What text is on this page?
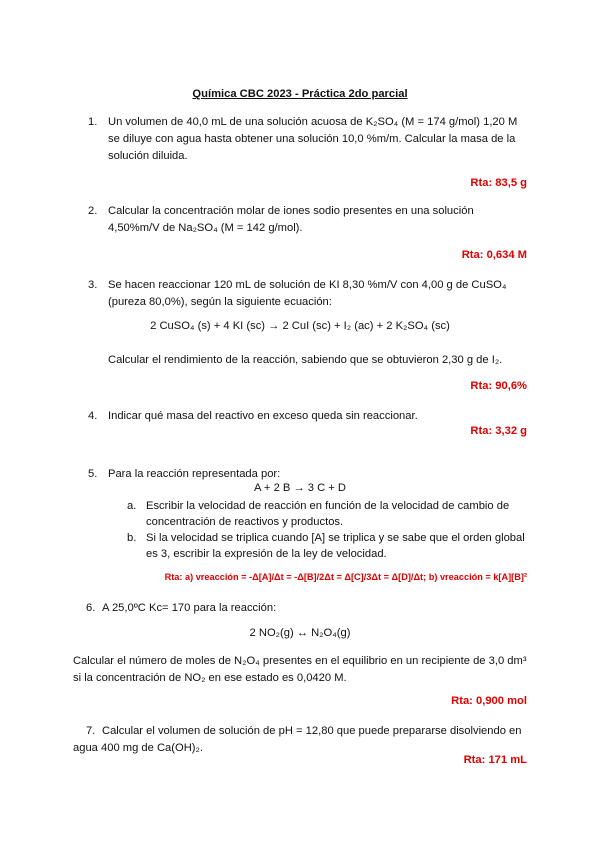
Química CBC 2023 - Práctica 2do parcial
1. Un volumen de 40,0 mL de una solución acuosa de K₂SO₄ (M = 174 g/mol) 1,20 M se diluye con agua hasta obtener una solución 10,0 %m/m. Calcular la masa de la solución diluida.
Rta: 83,5 g
2. Calcular la concentración molar de iones sodio presentes en una solución 4,50%m/V de Na₂SO₄ (M = 142 g/mol).
Rta: 0,634 M
3. Se hacen reaccionar 120 mL de solución de KI 8,30 %m/V con 4,00 g de CuSO₄ (pureza 80,0%), según la siguiente ecuación:
2 CuSO₄ (s) + 4 KI (sc) → 2 CuI (sc) + I₂ (ac) + 2 K₂SO₄ (sc)
Calcular el rendimiento de la reacción, sabiendo que se obtuvieron 2,30 g de I₂.
Rta: 90,6%
4. Indicar qué masa del reactivo en exceso queda sin reaccionar.
Rta: 3,32 g
5. Para la reacción representada por:
A + 2 B → 3 C + D
a. Escribir la velocidad de reacción en función de la velocidad de cambio de concentración de reactivos y productos.
b. Si la velocidad se triplica cuando [A] se triplica y se sabe que el orden global es 3, escribir la expresión de la ley de velocidad.
Rta: a) vreacción = -Δ[A]/Δt = -Δ[B]/2Δt = Δ[C]/3Δt = Δ[D]/Δt; b) vreacción = k[A][B]²
6. A 25,0ºC Kc= 170 para la reacción:
2 NO₂(g) ↔ N₂O₄(g)
Calcular el número de moles de N₂O₄ presentes en el equilibrio en un recipiente de 3,0 dm³ si la concentración de NO₂ en ese estado es 0,0420 M.
Rta: 0,900 mol
7. Calcular el volumen de solución de pH = 12,80 que puede prepararse disolviendo en agua 400 mg de Ca(OH)₂.
Rta: 171 mL
